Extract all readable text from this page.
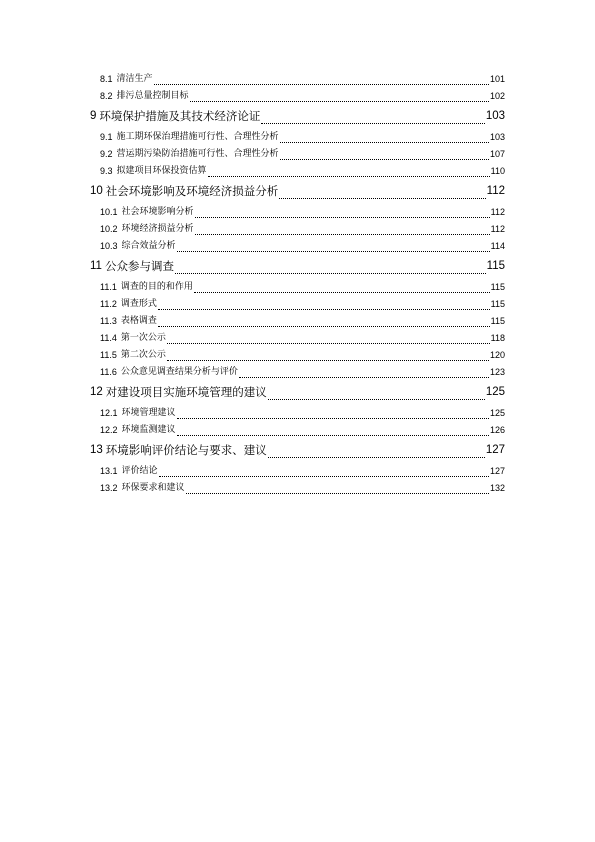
8.1 清洁生产	101
8.2 排污总量控制目标	102
9 环境保护措施及其技术经济论证	103
9.1 施工期环保治理措施可行性、合理性分析	103
9.2 营运期污染防治措施可行性、合理性分析	107
9.3 拟建项目环保投资估算	110
10 社会环境影响及环境经济损益分析	112
10.1 社会环境影响分析	112
10.2 环境经济损益分析	112
10.3 综合效益分析	114
11 公众参与调查	115
11.1 调查的目的和作用	115
11.2 调查形式	115
11.3 表格调查	115
11.4 第一次公示	118
11.5 第二次公示	120
11.6 公众意见调查结果分析与评价	123
12 对建设项目实施环境管理的建议	125
12.1 环境管理建议	125
12.2 环境监测建议	126
13 环境影响评价结论与要求、建议	127
13.1 评价结论	127
13.2 环保要求和建议	132
